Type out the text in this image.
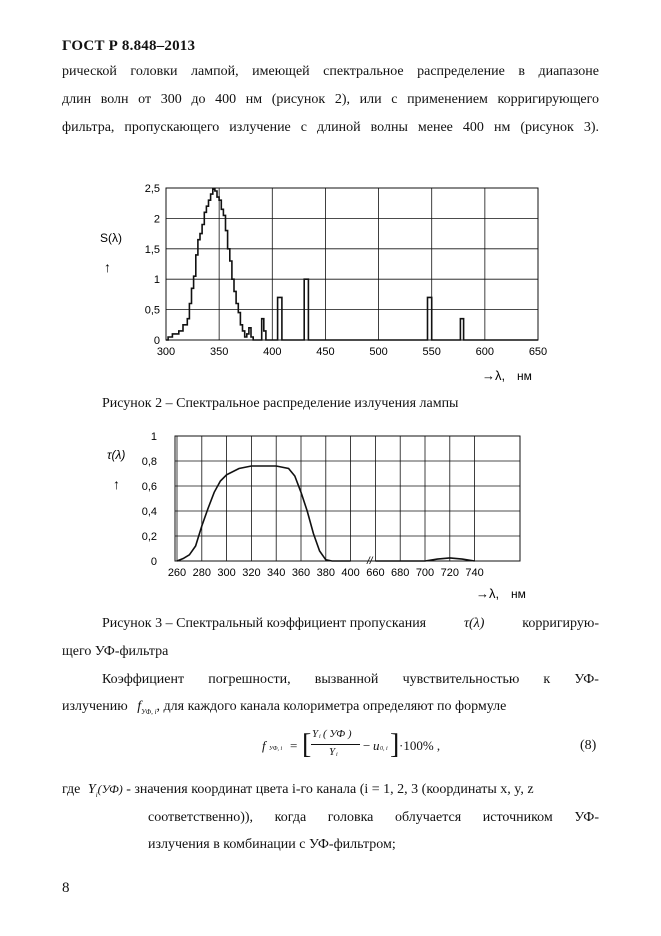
ГОСТ Р 8.848–2013
рической головки лампой, имеющей спектральное распределение в диапазоне
длин волн от 300 до 400 нм (рисунок 2), или с применением корригирующего
фильтра, пропускающего излучение с длиной волны менее 400 нм (рисунок 3).
S(λ)
↑
→λ, нм
300	350	400	450	500	550	600	650
0
0,5
1
1,5
2
2,5
Рисунок 2 – Спектральное распределение излучения лампы
τ(λ)
↑
→λ, нм
//
260 280 300 320 340 360 380 400 660 680 700 720 740
0
0,2
0,4
0,6
0,8
1
Рисунок 3 – Спектральный коэффициент пропускания	τ(λ)	корригирую-
щего УФ-фильтра
Коэффициент погрешности, вызванной чувствительностью к УФ-
излучению $f_{УФ, i}$, для каждого канала колориметра определяют по формуле
f УФ, i = [ Y i ( УФ )
Y i
− u 0, i ] ·100% ,	(8)
где $Y_i(УФ)$ - значения координат цвета i-го канала (i = 1, 2, 3 (координаты x, y, z
соответственно)), когда головка облучается источником УФ-
излучения в комбинации с УФ-фильтром;
8
